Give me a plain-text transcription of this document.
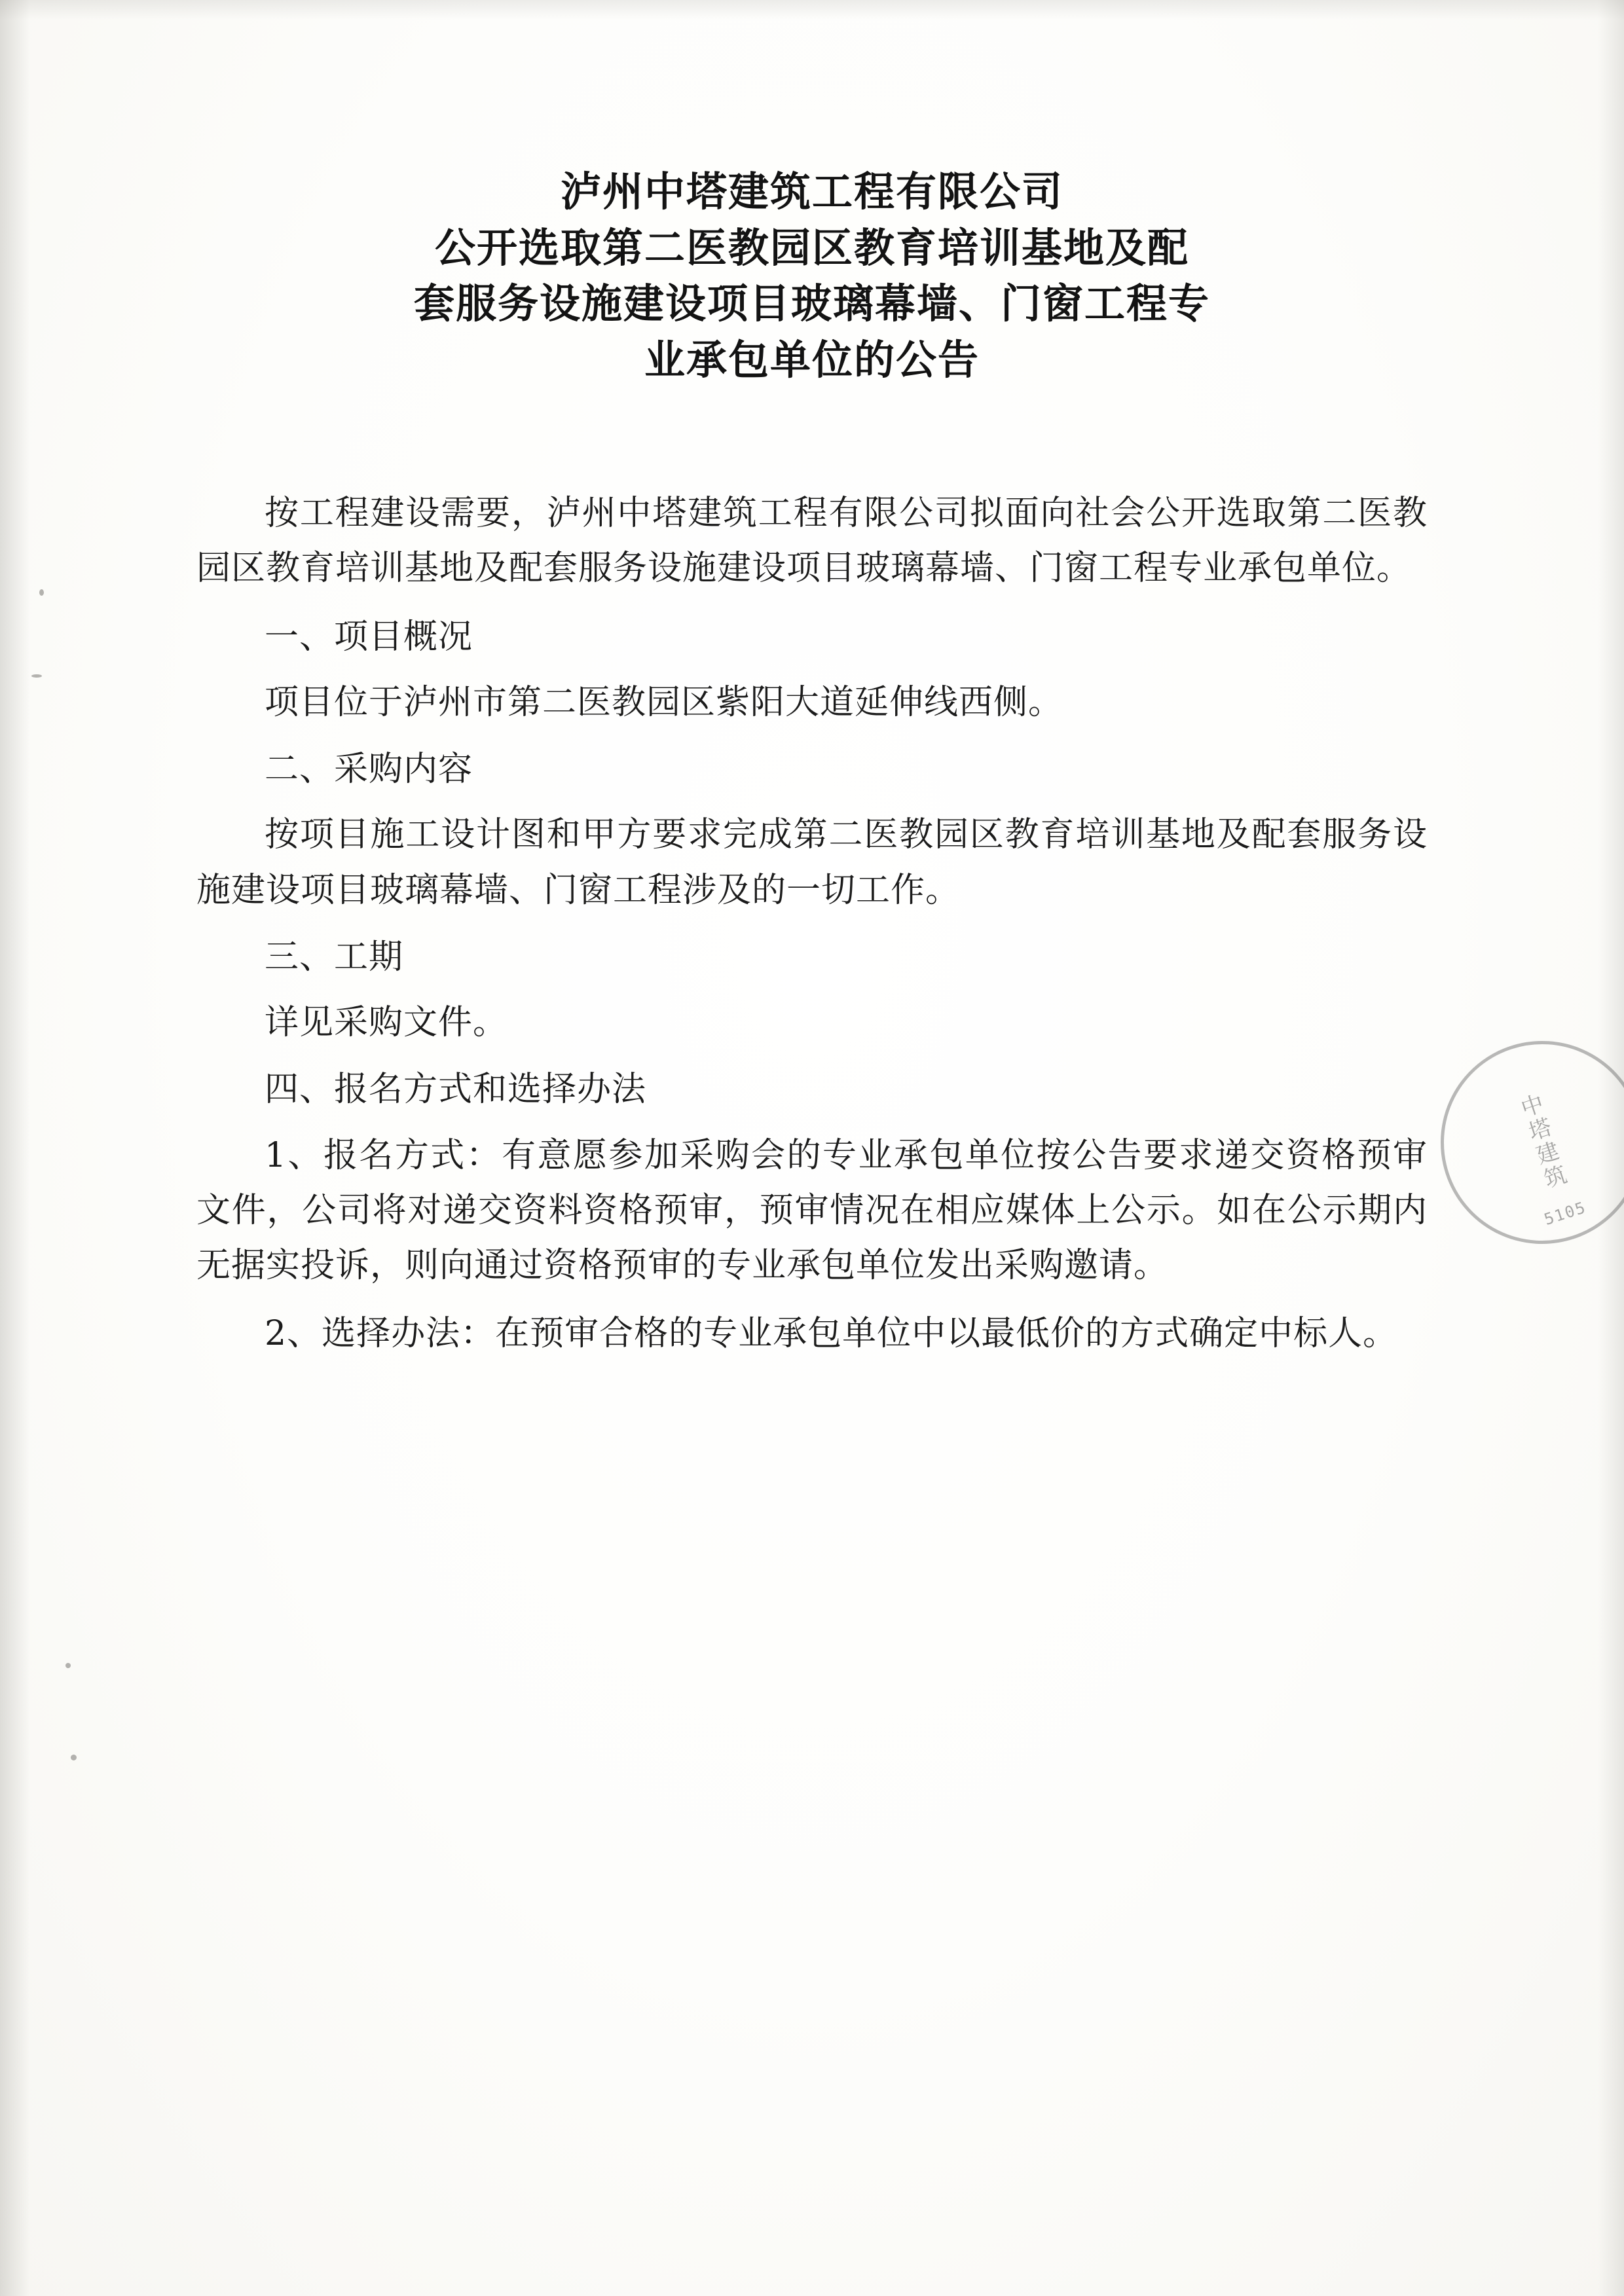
泸州中塔建筑工程有限公司
公开选取第二医教园区教育培训基地及配
套服务设施建设项目玻璃幕墙、门窗工程专
业承包单位的公告

按工程建设需要，泸州中塔建筑工程有限公司拟面向社会公开选取第二医教园区教育培训基地及配套服务设施建设项目玻璃幕墙、门窗工程专业承包单位。

一、项目概况

项目位于泸州市第二医教园区紫阳大道延伸线西侧。

二、采购内容

按项目施工设计图和甲方要求完成第二医教园区教育培训基地及配套服务设施建设项目玻璃幕墙、门窗工程涉及的一切工作。

三、工期

详见采购文件。

四、报名方式和选择办法

1、报名方式：有意愿参加采购会的专业承包单位按公告要求递交资格预审文件，公司将对递交资料资格预审，预审情况在相应媒体上公示。如在公示期内无据实投诉，则向通过资格预审的专业承包单位发出采购邀请。

2、选择办法：在预审合格的专业承包单位中以最低价的方式确定中标人。

中塔建筑
5105
